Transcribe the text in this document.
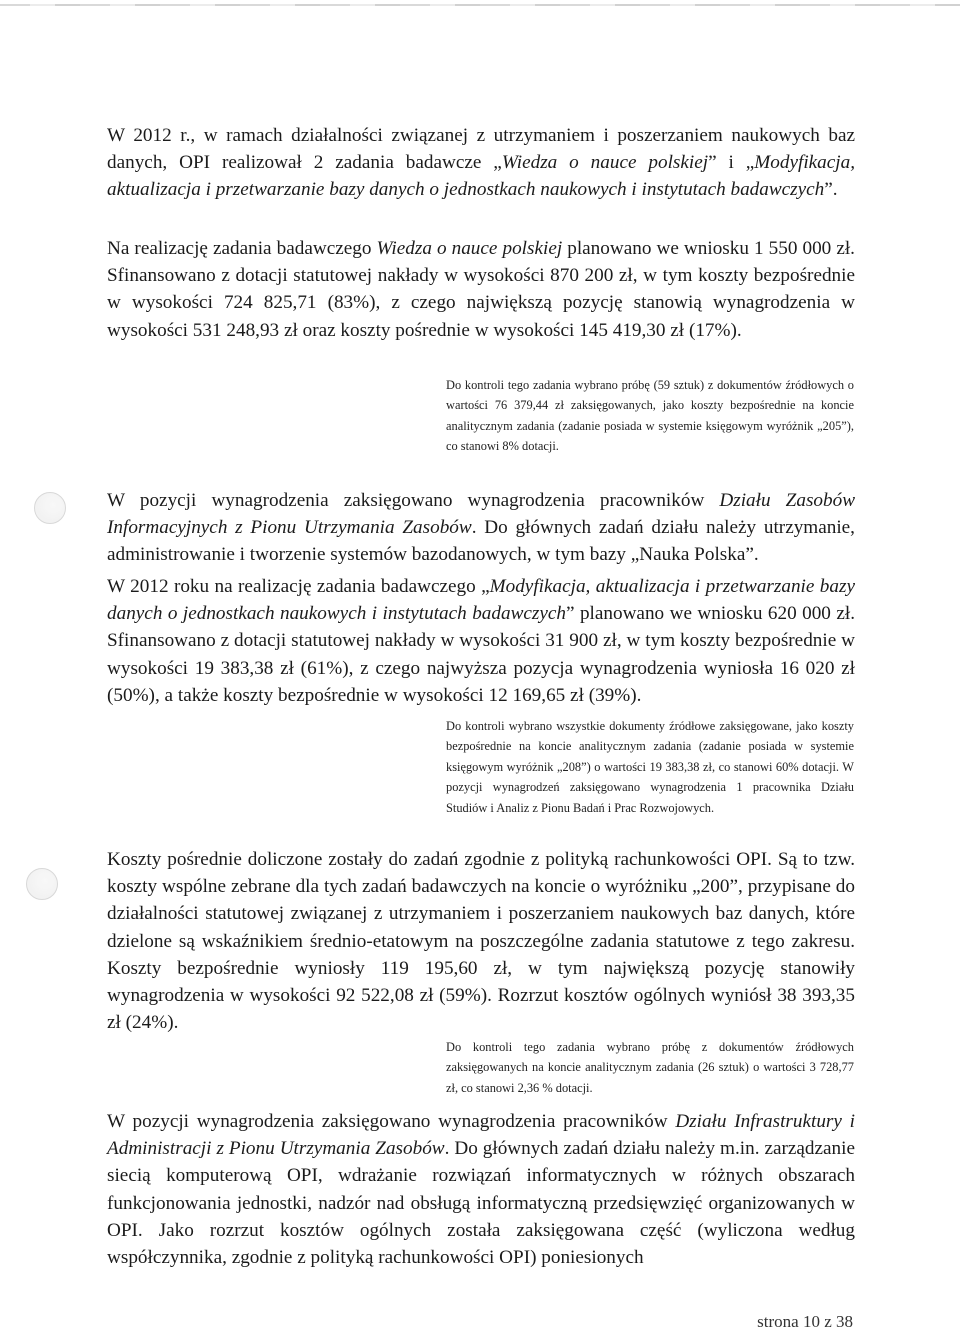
W 2012 r., w ramach działalności związanej z utrzymaniem i poszerzaniem naukowych baz danych, OPI realizował 2 zadania badawcze „Wiedza o nauce polskiej” i „Modyfikacja, aktualizacja i przetwarzanie bazy danych o jednostkach naukowych i instytutach badawczych”.

Na realizację zadania badawczego Wiedza o nauce polskiej planowano we wniosku 1 550 000 zł. Sfinansowano z dotacji statutowej nakłady w wysokości 870 200 zł, w tym koszty bezpośrednie w wysokości 724 825,71 (83%), z czego największą pozycję stanowią wynagrodzenia w wysokości 531 248,93 zł oraz koszty pośrednie w wysokości 145 419,30 zł (17%).

Do kontroli tego zadania wybrano próbę (59 sztuk) z dokumentów źródłowych o wartości 76 379,44 zł zaksięgowanych, jako koszty bezpośrednie na koncie analitycznym zadania (zadanie posiada w systemie księgowym wyróżnik „205”), co stanowi 8% dotacji.

W pozycji wynagrodzenia zaksięgowano wynagrodzenia pracowników Działu Zasobów Informacyjnych z Pionu Utrzymania Zasobów. Do głównych zadań działu należy utrzymanie, administrowanie i tworzenie systemów bazodanowych, w tym bazy „Nauka Polska”.

W 2012 roku na realizację zadania badawczego „Modyfikacja, aktualizacja i przetwarzanie bazy danych o jednostkach naukowych i instytutach badawczych” planowano we wniosku 620 000 zł. Sfinansowano z dotacji statutowej nakłady w wysokości 31 900 zł, w tym koszty bezpośrednie w wysokości 19 383,38 zł (61%), z czego najwyższa pozycja wynagrodzenia wyniosła 16 020 zł (50%), a także koszty bezpośrednie w wysokości 12 169,65 zł (39%).

Do kontroli wybrano wszystkie dokumenty źródłowe zaksięgowane, jako koszty bezpośrednie na koncie analitycznym zadania (zadanie posiada w systemie księgowym wyróżnik „208”) o wartości 19 383,38 zł, co stanowi 60% dotacji. W pozycji wynagrodzeń zaksięgowano wynagrodzenia 1 pracownika Działu Studiów i Analiz z Pionu Badań i Prac Rozwojowych.

Koszty pośrednie doliczone zostały do zadań zgodnie z polityką rachunkowości OPI. Są to tzw. koszty wspólne zebrane dla tych zadań badawczych na koncie o wyróżniku „200”, przypisane do działalności statutowej związanej z utrzymaniem i poszerzaniem naukowych baz danych, które dzielone są wskaźnikiem średnio-etatowym na poszczególne zadania statutowe z tego zakresu. Koszty bezpośrednie wyniosły 119 195,60 zł, w tym największą pozycję stanowiły wynagrodzenia w wysokości 92 522,08 zł (59%). Rozrzut kosztów ogólnych wyniósł 38 393,35 zł (24%).

Do kontroli tego zadania wybrano próbę z dokumentów źródłowych zaksięgowanych na koncie analitycznym zadania (26 sztuk) o wartości 3 728,77 zł, co stanowi 2,36 % dotacji.

W pozycji wynagrodzenia zaksięgowano wynagrodzenia pracowników Działu Infrastruktury i Administracji z Pionu Utrzymania Zasobów. Do głównych zadań działu należy m.in. zarządzanie siecią komputerową OPI, wdrażanie rozwiązań informatycznych w różnych obszarach funkcjonowania jednostki, nadzór nad obsługą informatyczną przedsięwzięć organizowanych w OPI. Jako rozrzut kosztów ogólnych została zaksięgowana część (wyliczona według współczynnika, zgodnie z polityką rachunkowości OPI) poniesionych

strona 10 z 38
